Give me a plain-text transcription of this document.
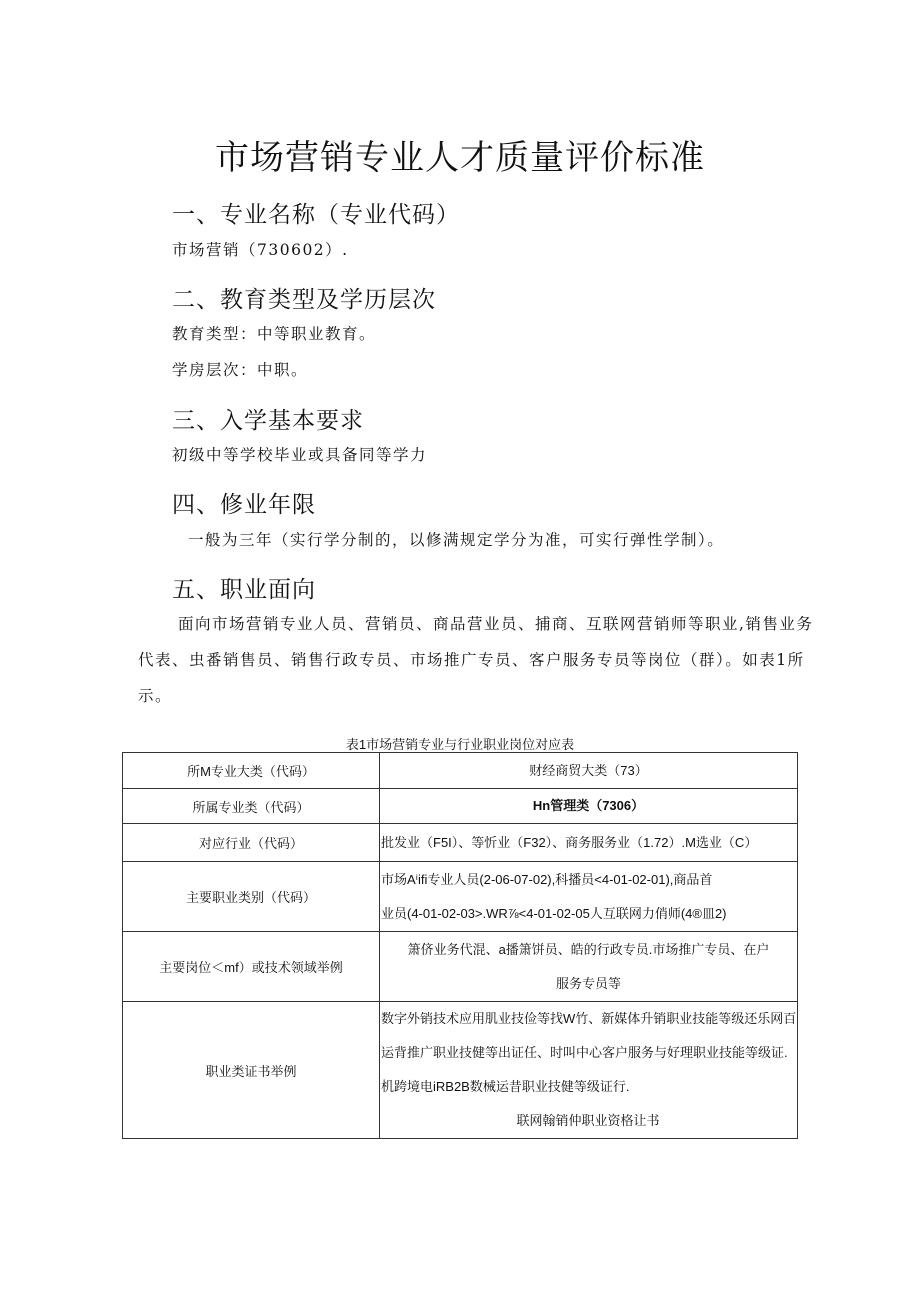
市场营销专业人才质量评价标准
一、专业名称（专业代码）
市场营销（730602）.
二、教育类型及学历层次
教育类型：中等职业教育。
学房层次：中职。
三、入学基本要求
初级中等学校毕业或具备同等学力
四、修业年限
一般为三年（实行学分制的，以修满规定学分为准，可实行弹性学制）。
五、职业面向
面向市场营销专业人员、营销员、商品营业员、捕商、互联网营销师等职业,销售业务代表、虫番销售员、销售行政专员、市场推广专员、客户服务专员等岗位（群）。如表1所示。
表1市场营销专业与行业职业岗位对应表
所M专业大类（代码）	财经商贸大类（73）

所属专业类（代码）	Hn管理类（7306）

对应行业（代码）	批发业（F5I）、等忻业（F32）、商务服务业（1.72）.M选业（C）

主要职业类别（代码）	市场Aⁱifi专业人员(2-06-07-02),科播员<4-01-02-01),商品首
业员(4-01-02-03>.WR⅞<4-01-02-05人互联网力俏师(4®皿2)

主要岗位＜mf）或技术领域举例	箫侪业务代混、a播箫饼员、皓的行政专员.市场推广专员、在户
服务专员等

职业类证书举例	数字外销技术应用肌业技俭等找W竹、新媒体升销职业技能等级还乐网百
运背推广职业技健等出证任、时叫中心客户服务与好理职业技能等级证.
机跨境电iRB2B数械运昔职业技健等级证行.
联网翰销仲职业资格让书
